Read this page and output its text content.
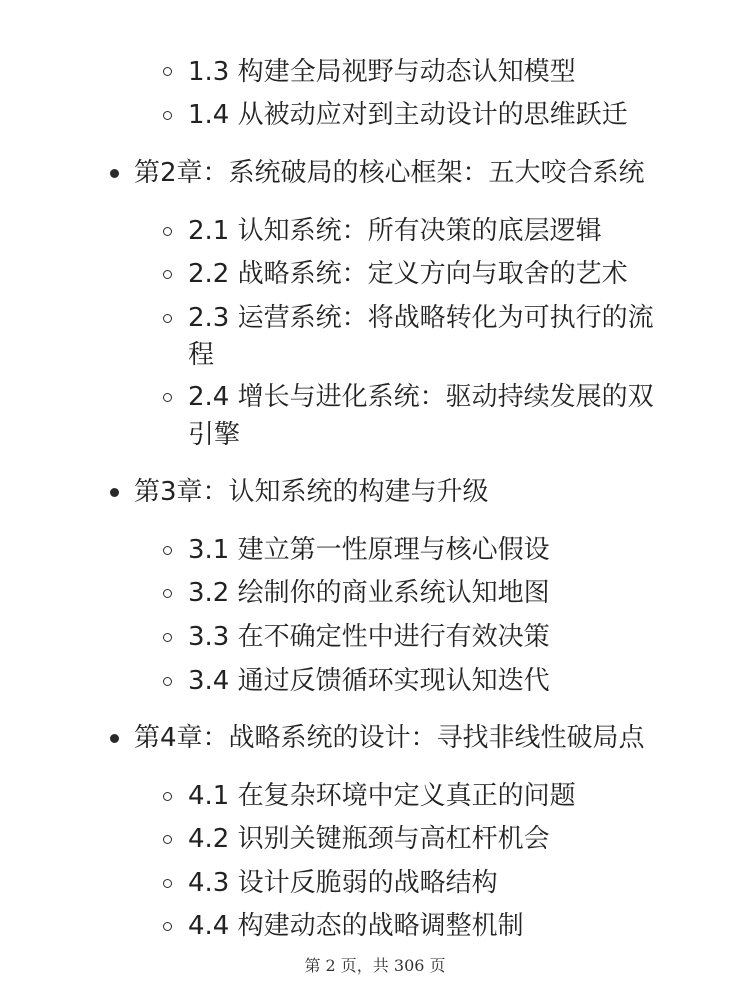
1.3 构建全局视野与动态认知模型
1.4 从被动应对到主动设计的思维跃迁
第2章：系统破局的核心框架：五大咬合系统
2.1 认知系统：所有决策的底层逻辑
2.2 战略系统：定义方向与取舍的艺术
2.3 运营系统：将战略转化为可执行的流
程
2.4 增长与进化系统：驱动持续发展的双
引擎
第3章：认知系统的构建与升级
3.1 建立第一性原理与核心假设
3.2 绘制你的商业系统认知地图
3.3 在不确定性中进行有效决策
3.4 通过反馈循环实现认知迭代
第4章：战略系统的设计：寻找非线性破局点
4.1 在复杂环境中定义真正的问题
4.2 识别关键瓶颈与高杠杆机会
4.3 设计反脆弱的战略结构
4.4 构建动态的战略调整机制
第 2 页，共 306 页
